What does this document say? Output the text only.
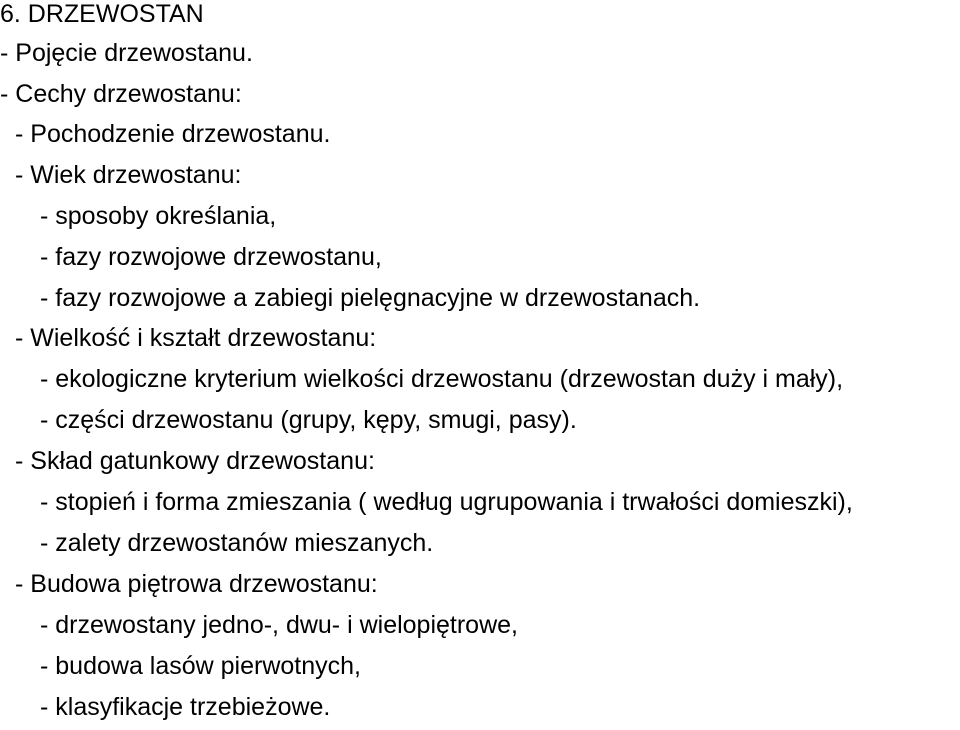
6. DRZEWOSTAN
- Pojęcie drzewostanu.
- Cechy drzewostanu:
- Pochodzenie drzewostanu.
- Wiek drzewostanu:
- sposoby określania,
- fazy rozwojowe drzewostanu,
- fazy rozwojowe a zabiegi pielęgnacyjne w drzewostanach.
- Wielkość i kształt drzewostanu:
- ekologiczne kryterium wielkości drzewostanu (drzewostan duży i mały),
- części drzewostanu (grupy, kępy, smugi, pasy).
- Skład gatunkowy drzewostanu:
- stopień i forma zmieszania ( według ugrupowania i trwałości domieszki),
- zalety drzewostanów mieszanych.
- Budowa piętrowa drzewostanu:
- drzewostany jedno-, dwu- i wielopiętrowe,
- budowa lasów pierwotnych,
- klasyfikacje trzebieżowe.
